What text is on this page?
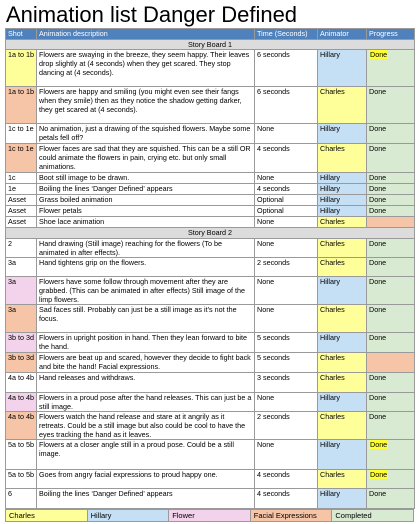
Animation list Danger Defined
Shot	Animation description	Time (Seconds)	Animator	Progress
Story Board 1				
1a to 1b	Flowers are swaying in the breeze, they seem happy. Their leaves drop slightly at (4 seconds) when they get scared. They stop dancing at (4 seconds).	6 seconds	Hillary	Done
1a to 1b	Flowers are happy and smiling (you might even see their fangs when they smile) then as they notice the shadow getting darker, they get scared at (4 seconds).	6 seconds	Charles	Done
1c to 1e	No animation, just a drawing of the squished flowers. Maybe some petals fell off?	None	Hillary	Done
1c to 1e	Flower faces are sad that they are squished. This can be a still OR could animate the flowers in pain, crying etc. but only small animations.	4 seconds	Charles	Done
1c	Boot still image to be drawn.	None	Hillary	Done
1e	Boiling the lines ‘Danger Defined’ appears	4 seconds	Hillary	Done
Asset	Grass boiled animation	Optional	Hillary	Done
Asset	Flower petals	Optional	Hillary	Done
Asset	Shoe lace animation	None	Charles	
Story Board 2				
2	Hand drawing (Still image) reaching for the flowers (To be animated in after effects).	None	Charles	Done
3a	Hand tightens grip on the flowers.	2 seconds	Charles	Done
3a	Flowers have some follow through movement after they are grabbed. (This can be animated in after effects) Still image of the limp flowers.	None	Hillary	Done
3a	Sad faces still. Probably can just be a still image as it’s not the focus.	None	Charles	Done
3b to 3d	Flowers in upright position in hand. Then they lean forward to bite the hand.	5 seconds	Hillary	Done
3b to 3d	Flowers are beat up and scared, however they decide to fight back and bite the hand! Facial expressions.	5 seconds	Charles	
4a to 4b	Hand releases and withdraws.	3 seconds	Charles	Done
4a to 4b	Flowers in a proud pose after the hand releases. This can just be a still image.	None	Hillary	Done
4a to 4b	Flowers watch the hand release and stare at it angrily as it retreats. Could be a still image but also could be cool to have the eyes tracking the hand as it leaves.	2 seconds	Charles	Done
5a to 5b	Flowers at a closer angle still in a proud pose. Could be a still image.	None	Hillary	Done
5a to 5b	Goes from angry facial expressions to proud happy one.	4 seconds	Charles	Done
6	Boiling the lines ‘Danger Defined’ appears	4 seconds	Hillary	Done
Charles	Hillary	Flower	Facial Expressions	Completed
